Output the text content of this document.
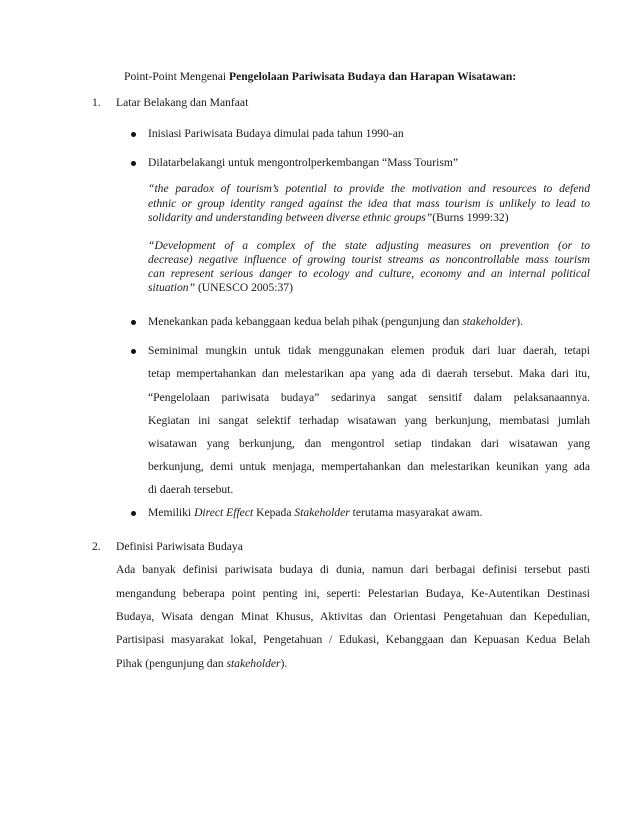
Point-Point Mengenai Pengelolaan Pariwisata Budaya dan Harapan Wisatawan:
1. Latar Belakang dan Manfaat
Inisiasi Pariwisata Budaya dimulai pada tahun 1990-an
Dilatarbelakangi untuk mengontrolperkembangan “Mass Tourism”
“the paradox of tourism’s potential to provide the motivation and resources to defend
ethnic or group identity ranged against the idea that mass tourism is unlikely to lead to
solidarity and understanding between diverse ethnic groups”(Burns 1999:32)
“Development of a complex of the state adjusting measures on prevention (or to
decrease) negative influence of growing tourist streams as noncontrollable mass tourism
can represent serious danger to ecology and culture, economy and an internal political
situation” (UNESCO 2005:37)
Menekankan pada kebanggaan kedua belah pihak (pengunjung dan stakeholder).
Seminimal mungkin untuk tidak menggunakan elemen produk dari luar daerah, tetapi
tetap mempertahankan dan melestarikan apa yang ada di daerah tersebut. Maka dari itu,
“Pengelolaan pariwisata budaya” sedarinya sangat sensitif dalam pelaksanaannya.
Kegiatan ini sangat selektif terhadap wisatawan yang berkunjung, membatasi jumlah
wisatawan yang berkunjung, dan mengontrol setiap tindakan dari wisatawan yang
berkunjung, demi untuk menjaga, mempertahankan dan melestarikan keunikan yang ada
di daerah tersebut.
Memiliki Direct Effect Kepada Stakeholder terutama masyarakat awam.
2. Definisi Pariwisata Budaya
Ada banyak definisi pariwisata budaya di dunia, namun dari berbagai definisi tersebut pasti
mengandung beberapa point penting ini, seperti: Pelestarian Budaya, Ke-Autentikan Destinasi
Budaya, Wisata dengan Minat Khusus, Aktivitas dan Orientasi Pengetahuan dan Kepedulian,
Partisipasi masyarakat lokal, Pengetahuan / Edukasi, Kebanggaan dan Kepuasan Kedua Belah
Pihak (pengunjung dan stakeholder).
